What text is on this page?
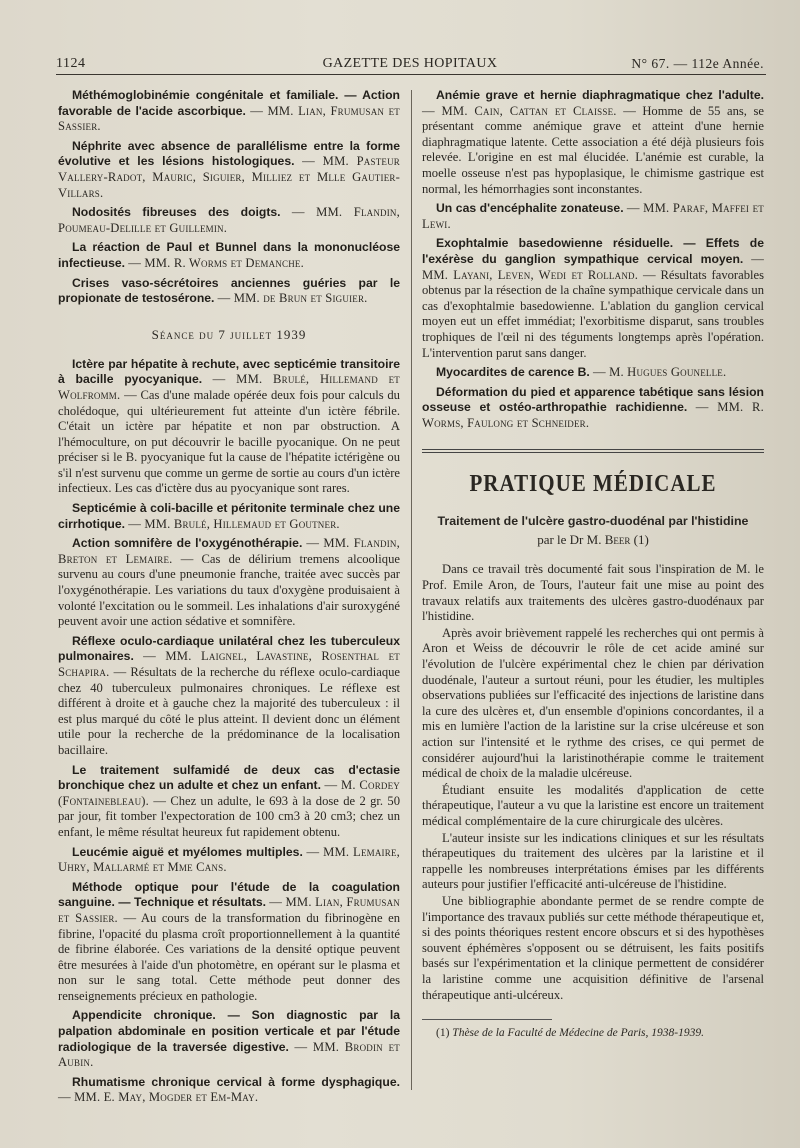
1124	GAZETTE DES HOPITAUX	N° 67. — 112e Année.

Méthémoglobinémie congénitale et familiale. — Action favorable de l'acide ascorbique. — MM. Lian, Frumusan et Sassier.

Néphrite avec absence de parallélisme entre la forme évolutive et les lésions histologiques. — MM. Pasteur Vallery-Radot, Mauric, Siguier, Milliez et Mlle Gautier-Villars.

Nodosités fibreuses des doigts. — MM. Flandin, Poumeau-Delille et Guillemin.

La réaction de Paul et Bunnel dans la mononucléose infectieuse. — MM. R. Worms et Demanche.

Crises vaso-sécrétoires anciennes guéries par le propionate de testosérone. — MM. de Brun et Siguier.

Séance du 7 juillet 1939

Ictère par hépatite à rechute, avec septicémie transitoire à bacille pyocyanique. — MM. Brulé, Hillemand et Wolfromm. — Cas d'une malade opérée deux fois pour calculs du cholédoque, qui ultérieurement fut atteinte d'un ictère fébrile. C'était un ictère par hépatite et non par obstruction. A l'hémoculture, on put découvrir le bacille pyocanique. On ne peut préciser si le B. pyocyanique fut la cause de l'hépatite ictérigène ou s'il n'est survenu que comme un germe de sortie au cours d'un ictère infectieux. Les cas d'ictère dus au pyocyanique sont rares.

Septicémie à coli-bacille et péritonite terminale chez une cirrhotique. — MM. Brulé, Hillemaud et Goutner.

Action somnifère de l'oxygénothérapie. — MM. Flandin, Breton et Lemaire. — Cas de délirium tremens alcoolique survenu au cours d'une pneumonie franche, traitée avec succès par l'oxygénothérapie. Les variations du taux d'oxygène produisaient à volonté l'excitation ou le sommeil. Les inhalations d'air suroxygéné peuvent avoir une action sédative et somnifère.

Réflexe oculo-cardiaque unilatéral chez les tuberculeux pulmonaires. — MM. Laignel, Lavastine, Rosenthal et Schapira. — Résultats de la recherche du réflexe oculo-cardiaque chez 40 tuberculeux pulmonaires chroniques. Le réflexe est différent à droite et à gauche chez la majorité des tuberculeux : il est plus marqué du côté le plus atteint. Il devient donc un élément utile pour la recherche de la prédominance de la localisation bacillaire.

Le traitement sulfamidé de deux cas d'ectasie bronchique chez un adulte et chez un enfant. — M. Cordey (Fontainebleau). — Chez un adulte, le 693 à la dose de 2 gr. 50 par jour, fit tomber l'expectoration de 100 cm3 à 20 cm3; chez un enfant, le même résultat heureux fut rapidement obtenu.

Leucémie aiguë et myélomes multiples. — MM. Lemaire, Uhry, Mallarmé et Mme Cans.

Méthode optique pour l'étude de la coagulation sanguine. — Technique et résultats. — MM. Lian, Frumusan et Sassier. — Au cours de la transformation du fibrinogène en fibrine, l'opacité du plasma croît proportionnellement à la quantité de fibrine élaborée. Ces variations de la densité optique peuvent être mesurées à l'aide d'un photomètre, en opérant sur le plasma et non sur le sang total. Cette méthode peut donner des renseignements précieux en pathologie.

Appendicite chronique. — Son diagnostic par la palpation abdominale en position verticale et par l'étude radiologique de la traversée digestive. — MM. Brodin et Aubin.

Rhumatisme chronique cervical à forme dysphagique. — MM. E. May, Mogder et Em-May.

Anémie grave et hernie diaphragmatique chez l'adulte. — MM. Cain, Cattan et Claisse. — Homme de 55 ans, se présentant comme anémique grave et atteint d'une hernie diaphragmatique latente. Cette association a été déjà plusieurs fois relevée. L'origine en est mal élucidée. L'anémie est curable, la moelle osseuse n'est pas hypoplasique, le chimisme gastrique est normal, les hémorrhagies sont inconstantes.

Un cas d'encéphalite zonateuse. — MM. Paraf, Maffei et Lewi.

Exophtalmie basedowienne résiduelle. — Effets de l'exérèse du ganglion sympathique cervical moyen. — MM. Layani, Leven, Wedi et Rolland. — Résultats favorables obtenus par la résection de la chaîne sympathique cervicale dans un cas d'exophtalmie basedowienne. L'ablation du ganglion cervical moyen eut un effet immédiat; l'exorbitisme disparut, sans troubles trophiques de l'œil ni des téguments longtemps après l'opération. L'intervention parut sans danger.

Myocardites de carence B. — M. Hugues Gounelle.

Déformation du pied et apparence tabétique sans lésion osseuse et ostéo-arthropathie rachidienne. — MM. R. Worms, Faulong et Schneider.

PRATIQUE MÉDICALE
Traitement de l'ulcère gastro-duodénal par l'histidine
par le Dr M. Beer (1)

Dans ce travail très documenté fait sous l'inspiration de M. le Prof. Emile Aron, de Tours, l'auteur fait une mise au point des travaux relatifs aux traitements des ulcères gastro-duodénaux par l'histidine.

Après avoir brièvement rappelé les recherches qui ont permis à Aron et Weiss de découvrir le rôle de cet acide aminé sur l'évolution de l'ulcère expérimental chez le chien par dérivation duodénale, l'auteur a surtout réuni, pour les étudier, les multiples observations publiées sur l'efficacité des injections de laristine dans la cure des ulcères et, d'un ensemble d'opinions concordantes, il a mis en lumière l'action de la laristine sur la crise ulcéreuse et son action sur l'intensité et le rythme des crises, ce qui permet de considérer aujourd'hui la laristinothérapie comme le traitement médical de choix de la maladie ulcéreuse.

Étudiant ensuite les modalités d'application de cette thérapeutique, l'auteur a vu que la laristine est encore un traitement médical complémentaire de la cure chirurgicale des ulcères.

L'auteur insiste sur les indications cliniques et sur les résultats thérapeutiques du traitement des ulcères par la laristine et il rappelle les nombreuses interprétations émises par les différents auteurs pour justifier l'efficacité anti-ulcéreuse de l'histidine.

Une bibliographie abondante permet de se rendre compte de l'importance des travaux publiés sur cette méthode thérapeutique et, si des points théoriques restent encore obscurs et si des hypothèses souvent éphémères s'opposent ou se détruisent, les faits positifs basés sur l'expérimentation et la clinique permettent de considérer la laristine comme une acquisition définitive de l'arsenal thérapeutique anti-ulcéreux.

(1) Thèse de la Faculté de Médecine de Paris, 1938-1939.
